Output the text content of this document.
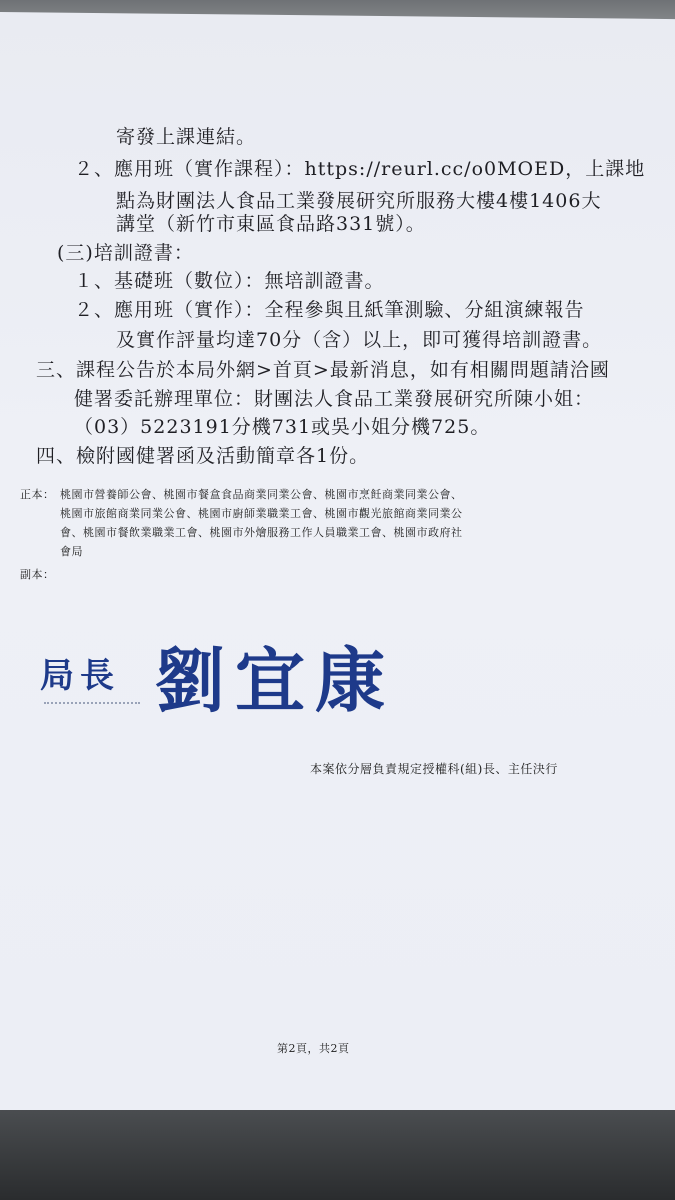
寄發上課連結。
２、應用班（實作課程）：https://reurl.cc/o0MOED，上課地
點為財團法人食品工業發展研究所服務大樓4樓1406大
講堂（新竹市東區食品路331號）。
(三)培訓證書：
１、基礎班（數位）：無培訓證書。
２、應用班（實作）：全程參與且紙筆測驗、分組演練報告
及實作評量均達70分（含）以上，即可獲得培訓證書。
三、課程公告於本局外網>首頁>最新消息，如有相關問題請洽國
健署委託辦理單位：財團法人食品工業發展研究所陳小姐：
（03）5223191分機731或吳小姐分機725。
四、檢附國健署函及活動簡章各1份。
正本： 桃園市營養師公會、桃園市餐盒食品商業同業公會、桃園市烹飪商業同業公會、
桃園市旅館商業同業公會、桃園市廚師業職業工會、桃園市觀光旅館商業同業公
會、桃園市餐飲業職業工會、桃園市外燴服務工作人員職業工會、桃園市政府社
會局
副本：
局長 劉宜康
本案依分層負責規定授權科(組)長、主任決行
第2頁，共2頁
